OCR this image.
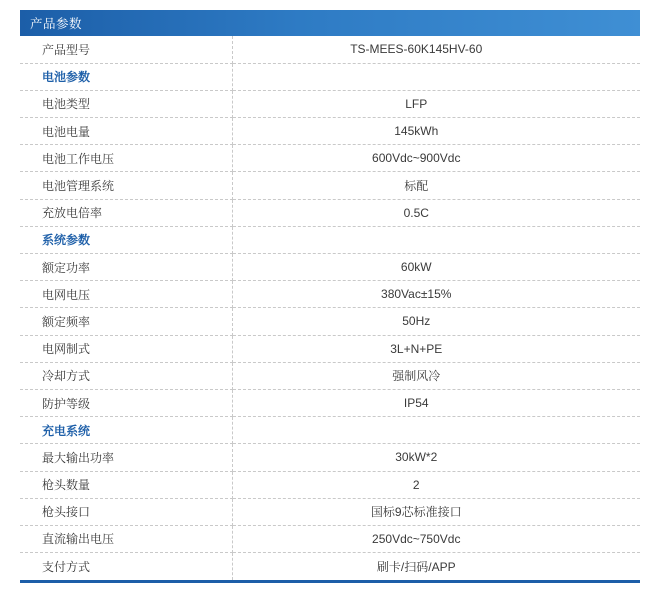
产品参数
产品型号	TS-MEES-60K145HV-60
电池参数	
电池类型	LFP
电池电量	145kWh
电池工作电压	600Vdc~900Vdc
电池管理系统	标配
充放电倍率	0.5C
系统参数	
额定功率	60kW
电网电压	380Vac±15%
额定频率	50Hz
电网制式	3L+N+PE
冷却方式	强制风冷
防护等级	IP54
充电系统	
最大输出功率	30kW*2
枪头数量	2
枪头接口	国标9芯标准接口
直流输出电压	250Vdc~750Vdc
支付方式	刷卡/扫码/APP
